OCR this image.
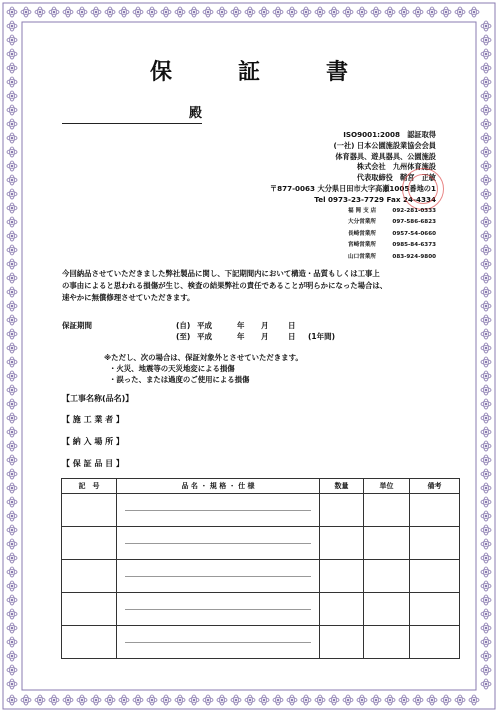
保　証　書
殿
ISO9001:2008　認証取得
(一社) 日本公園施設業協会会員
体育器具、遊具器具、公園施設
株式会社　九州体育施設
代表取締役　鞘宮　正敏
〒877-0063 大分県日田市大字高瀬1005番地の1
Tel 0973-23-7729 Fax 24-4334
福 岡 支 店	092-281-0333
大分営業所	097-586-6823
長崎営業所	0957-54-0660
宮崎営業所	0985-84-6373
山口営業所	083-924-9800
今回納品させていただきました弊社製品に関し、下記期間内において構造・品質もしくは工事上
の事由によると思われる損傷が生じ、検査の結果弊社の責任であることが明らかになった場合は、
速やかに無償修理させていただきます。
保証期間	(自) 平成	年	月	日
(至) 平成	年	月	日	(1年間)
※ただし、次の場合は、保証対象外とさせていただきます。
・火災、地震等の天災地変による損傷
・誤った、または過度のご使用による損傷
【工事名称(品名)】
【 施 工 業 者 】
【 納 入 場 所 】
【 保 証 品 目 】
記　号	品 名 ・ 規 格 ・ 仕 様	数量	単位	備考
